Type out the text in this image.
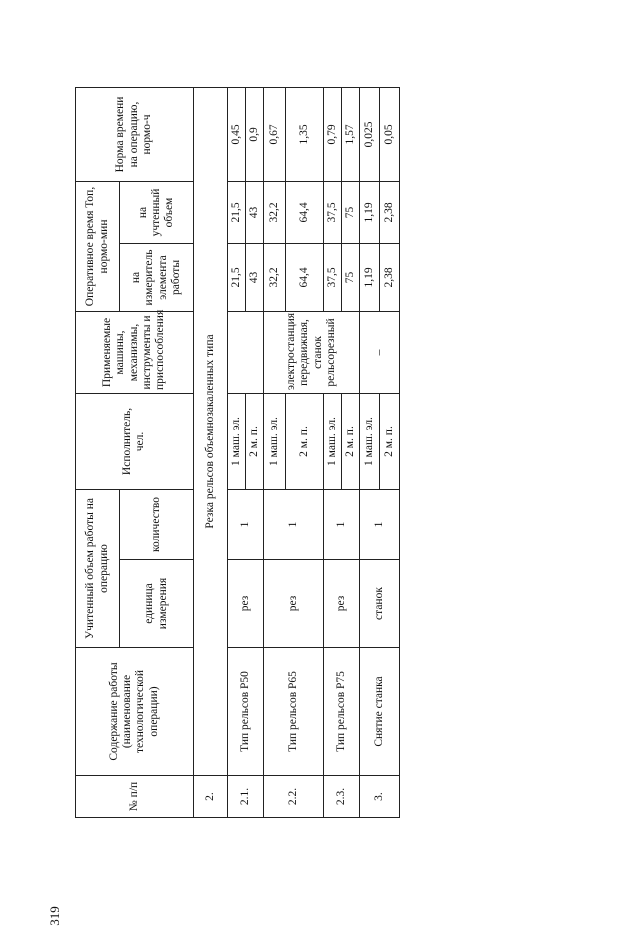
319
№ п/п	Содержание работы (наименование технологической операции)	Учитенный объем работы на операцию		Исполнитель, чел.	Применяемые машины, механизмы, инструменты и приспособления	Оперативное время Топ, нормо-мин		Норма времени на операцию, нормо-ч
		единица измерения	количество			на измеритель элемента работы	на учтенный объем	
2.	Резка рельсов объемнозакаленных типа							
2.1.	Тип рельсов Р50	рез	1	1 маш. эл.		21,5	21,5	0,45
				2 м. п.		43	43	0,9
2.2.	Тип рельсов Р65	рез	1	1 маш. эл.	электростанция передвижная, станок рельсорезный	32,2	32,2	0,67
				2 м. п.		64,4	64,4	1,35
2.3.	Тип рельсов Р75	рез	1	1 маш. эл.		37,5	37,5	0,79
				2 м. п.		75	75	1,57
3.	Снятие станка	станок	1	1 маш. эл.	–	1,19	1,19	0,025
				2 м. п.		2,38	2,38	0,05
